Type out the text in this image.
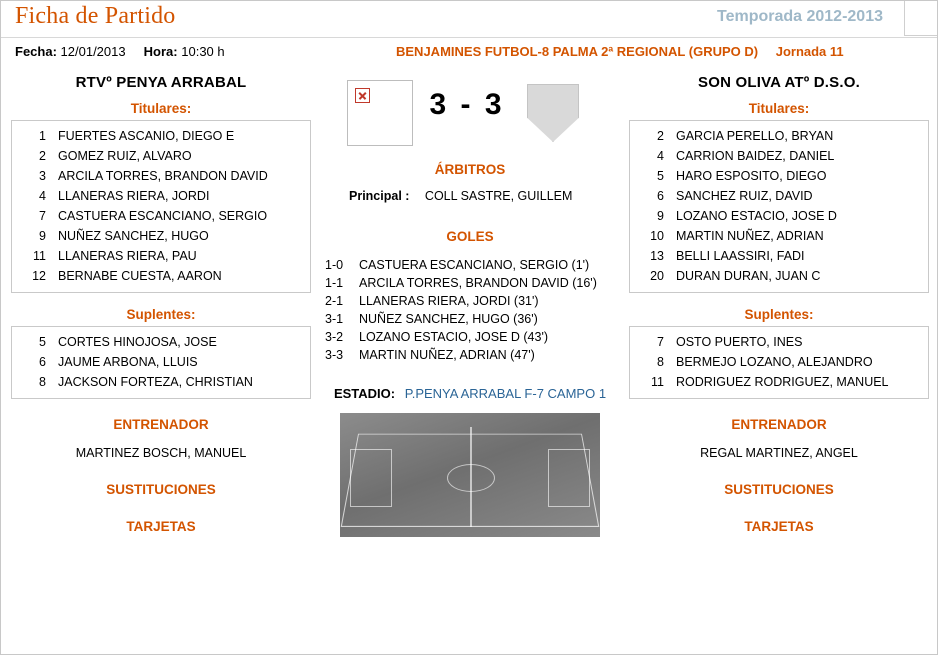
Ficha de Partido	Temporada 2012-2013
Fecha: 12/01/2013 Hora: 10:30 h	BENJAMINES FUTBOL-8 PALMA 2ª REGIONAL (GRUPO D) Jornada 11
RTVº PENYA ARRABAL
Titulares:
1 FUERTES ASCANIO, DIEGO E
2 GOMEZ RUIZ, ALVARO
3 ARCILA TORRES, BRANDON DAVID
4 LLANERAS RIERA, JORDI
7 CASTUERA ESCANCIANO, SERGIO
9 NUÑEZ SANCHEZ, HUGO
11 LLANERAS RIERA, PAU
12 BERNABE CUESTA, AARON
Suplentes:
5 CORTES HINOJOSA, JOSE
6 JAUME ARBONA, LLUIS
8 JACKSON FORTEZA, CHRISTIAN
ENTRENADOR
MARTINEZ BOSCH, MANUEL
SUSTITUCIONES
TARJETAS
3 - 3
ÁRBITROS
Principal : COLL SASTRE, GUILLEM
GOLES
1-0	CASTUERA ESCANCIANO, SERGIO (1')
1-1	ARCILA TORRES, BRANDON DAVID (16')
2-1	LLANERAS RIERA, JORDI (31')
3-1	NUÑEZ SANCHEZ, HUGO (36')
3-2	LOZANO ESTACIO, JOSE D (43')
3-3	MARTIN NUÑEZ, ADRIAN (47')
ESTADIO: P.PENYA ARRABAL F-7 CAMPO 1
SON OLIVA ATº D.S.O.
Titulares:
2 GARCIA PERELLO, BRYAN
4 CARRION BAIDEZ, DANIEL
5 HARO ESPOSITO, DIEGO
6 SANCHEZ RUIZ, DAVID
9 LOZANO ESTACIO, JOSE D
10 MARTIN NUÑEZ, ADRIAN
13 BELLI LAASSIRI, FADI
20 DURAN DURAN, JUAN C
Suplentes:
7 OSTO PUERTO, INES
8 BERMEJO LOZANO, ALEJANDRO
11 RODRIGUEZ RODRIGUEZ, MANUEL
ENTRENADOR
REGAL MARTINEZ, ANGEL
SUSTITUCIONES
TARJETAS
